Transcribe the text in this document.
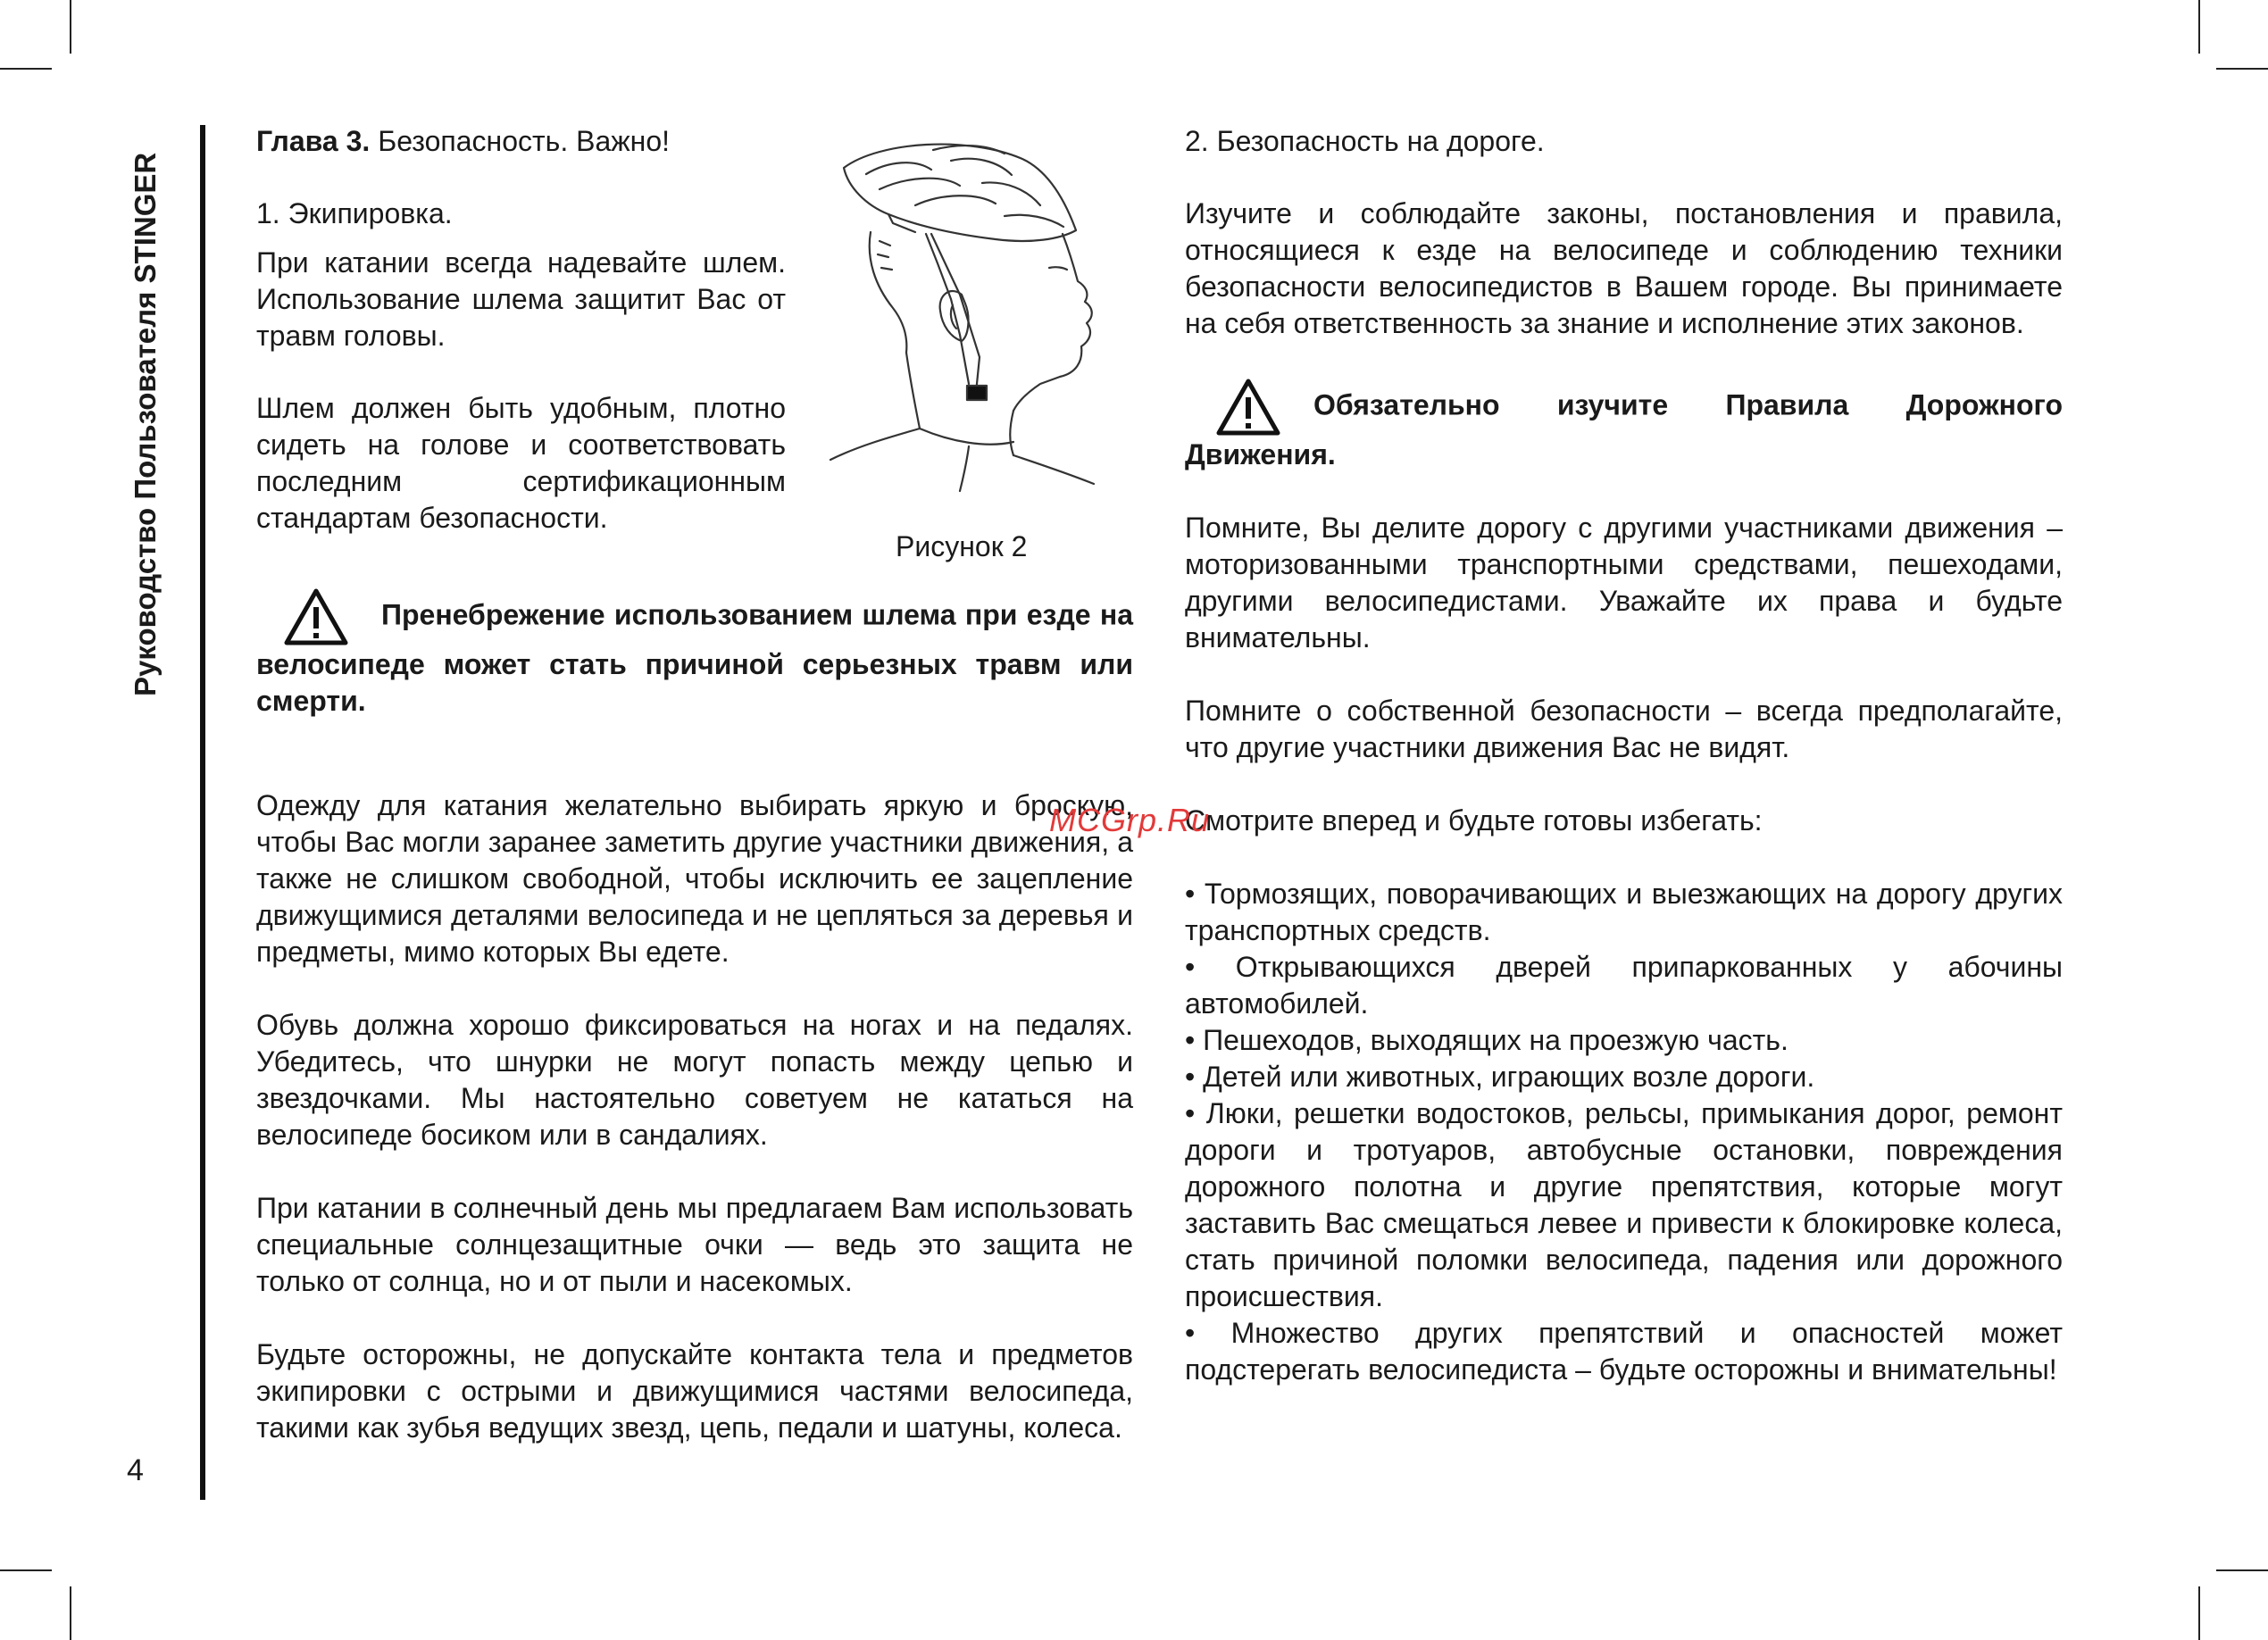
Руководство Пользователя STINGER
4

Глава 3. Безопасность. Важно!

1. Экипировка.

При катании всегда надевайте шлем. Использование шлема защитит Вас от травм головы.

Шлем должен быть удобным, плотно сидеть на голове и соответствовать последним сертификационным стандартам безопасности.

Рисунок 2

Пренебрежение использованием шлема при езде на велосипеде может стать причиной серьезных травм или смерти.

Одежду для катания желательно выбирать яркую и броскую, чтобы Вас могли заранее заметить другие участники движения, а также не слишком свободной, чтобы исключить ее зацепление движущимися деталями велосипеда и не цепляться за деревья и предметы, мимо которых Вы едете.

Обувь должна хорошо фиксироваться на ногах и на педалях. Убедитесь, что шнурки не могут попасть между цепью и звездочками. Мы настоятельно советуем не кататься на велосипеде босиком или в сандалиях.

При катании в солнечный день мы предлагаем Вам использовать специальные солнцезащитные очки — ведь это защита не только от солнца, но и от пыли и насекомых.

Будьте осторожны, не допускайте контакта тела и предметов экипировки с острыми и движущимися частями велосипеда, такими как зубья ведущих звезд, цепь, педали и шатуны, колеса.

2. Безопасность на дороге.

Изучите и соблюдайте законы, постановления и правила, относящиеся к езде на велосипеде и соблюдению техники безопасности велосипедистов в Вашем городе. Вы принимаете на себя ответственность за знание и исполнение этих законов.

Обязательно изучите Правила Дорожного Движения.

Помните, Вы делите дорогу с другими участниками движения – моторизованными транспортными средствами, пешеходами, другими велосипедистами. Уважайте их права и будьте внимательны.

Помните о собственной безопасности – всегда предполагайте, что другие участники движения Вас не видят.

Смотрите вперед и будьте готовы избегать:

• Тормозящих, поворачивающих и выезжающих на дорогу других транспортных средств.

• Открывающихся дверей припаркованных у абочины автомобилей.

• Пешеходов, выходящих на проезжую часть.

• Детей или животных, играющих возле дороги.

• Люки, решетки водостоков, рельсы, примыкания дорог, ремонт дороги и тротуаров, автобусные остановки, повреждения дорожного полотна и другие препятствия, которые могут заставить Вас смещаться левее и привести к блокировке колеса, стать причиной поломки велосипеда, падения или дорожного происшествия.

• Множество других препятствий и опасностей может подстерегать велосипедиста – будьте осторожны и внимательны!

MCGrp.Ru
